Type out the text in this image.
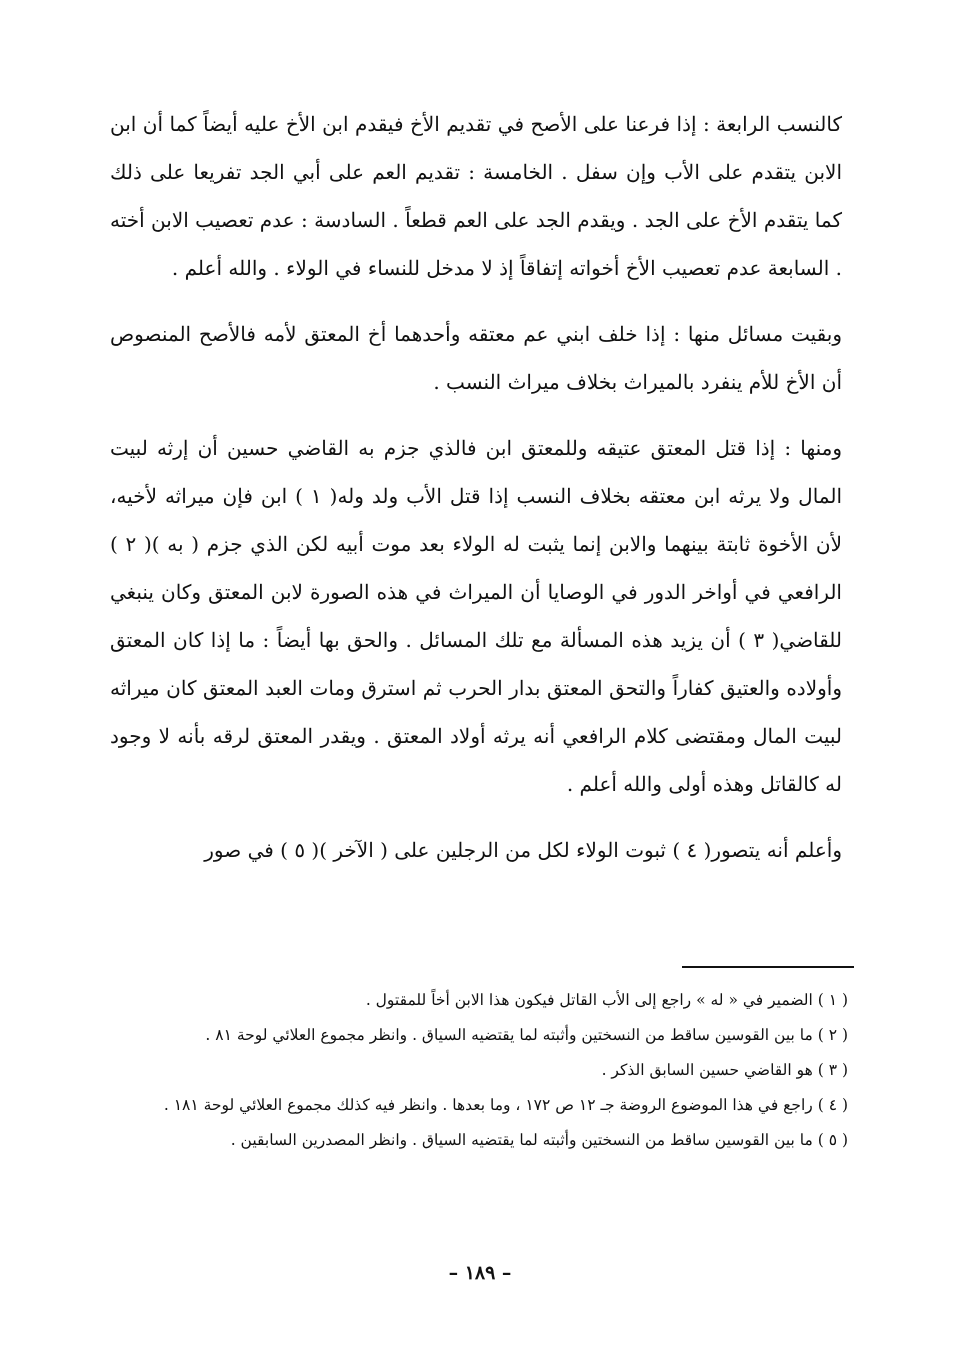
كالنسب الرابعة : إذا فرعنا على الأصح في تقديم الأخ فيقدم ابن الأخ عليه أيضاً كما أن ابن الابن يتقدم على الأب وإن سفل . الخامسة : تقديم العم على أبي الجد تفريعا على ذلك كما يتقدم الأخ على الجد . ويقدم الجد على العم قطعاً . السادسة : عدم تعصيب الابن أخته . السابعة عدم تعصيب الأخ أخواته إتفاقاً إذ لا مدخل للنساء في الولاء . والله أعلم .

وبقيت مسائل منها : إذا خلف ابني عم معتقه وأحدهما أخ المعتق لأمه فالأصح المنصوص أن الأخ للأم ينفرد بالميراث بخلاف ميراث النسب .

ومنها : إذا قتل المعتق عتيقه وللمعتق ابن فالذي جزم به القاضي حسين أن إرثه لبيت المال ولا يرثه ابن معتقه بخلاف النسب إذا قتل الأب ولد وله( ١ ) ابن فإن ميراثه لأخيه، لأن الأخوة ثابتة بينهما والابن إنما يثبت له الولاء بعد موت أبيه لكن الذي جزم ( به )( ٢ ) الرافعي في أواخر الدور في الوصايا أن الميراث في هذه الصورة لابن المعتق وكان ينبغي للقاضي( ٣ ) أن يزيد هذه المسألة مع تلك المسائل . والحق بها أيضاً : ما إذا كان المعتق وأولاده والعتيق كفاراً والتحق المعتق بدار الحرب ثم استرق ومات العبد المعتق كان ميراثه لبيت المال ومقتضى كلام الرافعي أنه يرثه أولاد المعتق . ويقدر المعتق لرقه بأنه لا وجود له كالقاتل وهذه أولى والله أعلم .

وأعلم أنه يتصور( ٤ ) ثبوت الولاء لكل من الرجلين على ( الآخر )( ٥ ) في صور

( ١ ) الضمير في « له » راجع إلى الأب القاتل فيكون هذا الابن أخاً للمقتول .
( ٢ ) ما بين القوسين ساقط من النسختين وأثبته لما يقتضيه السياق . وانظر مجموع العلائي لوحة ٨١ .
( ٣ ) هو القاضي حسين السابق الذكر .
( ٤ ) راجع في هذا الموضوع الروضة جـ ١٢ ص ١٧٢ ، وما بعدها . وانظر فيه كذلك مجموع العلائي لوحة ١٨١ .
( ٥ ) ما بين القوسين ساقط من النسختين وأثبته لما يقتضيه السياق . وانظر المصدرين السابقين .
– ١٨٩ –
